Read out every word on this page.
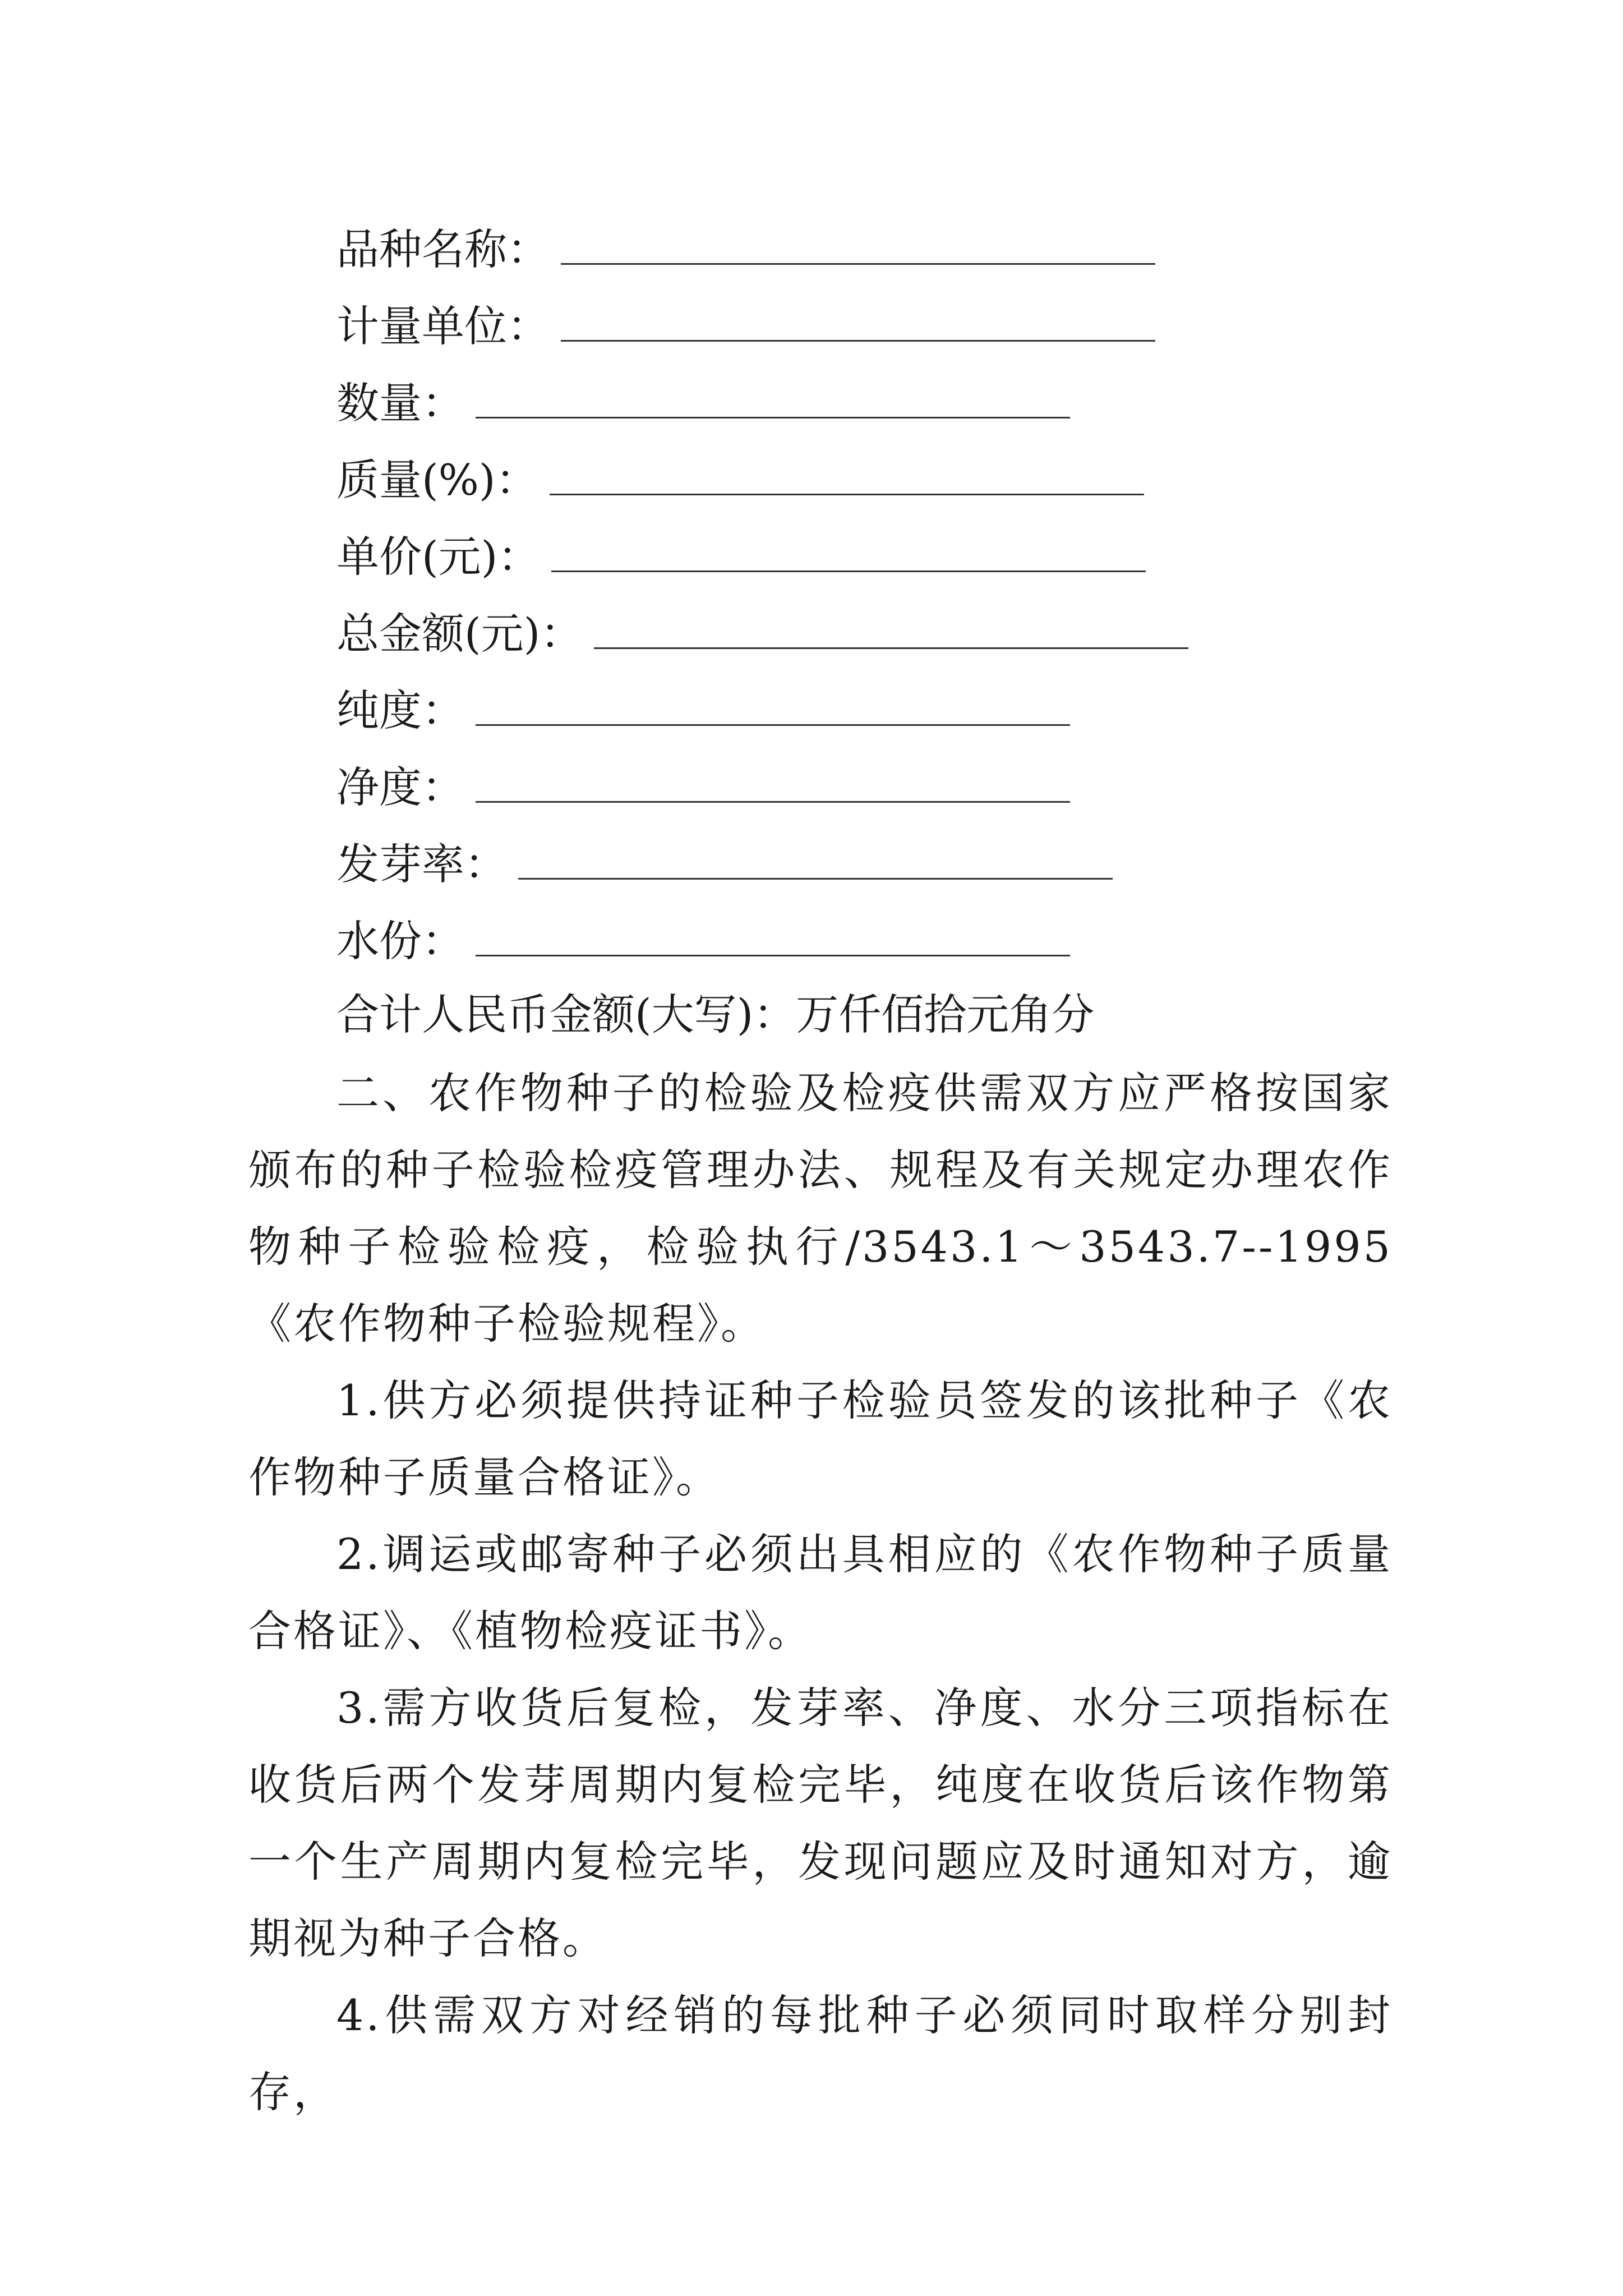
品种名称：
计量单位：
数量：
质量(%)：
单价(元)：
总金额(元)：
纯度：
净度：
发芽率：
水份：
合计人民币金额(大写)：万仟佰拾元角分

二、农作物种子的检验及检疫供需双方应严格按国家颁布的种子检验检疫管理办法、规程及有关规定办理农作物种子检验检疫，检验执行/3543.1～3543.7--1995《农作物种子检验规程》。

1.供方必须提供持证种子检验员签发的该批种子《农作物种子质量合格证》。

2.调运或邮寄种子必须出具相应的《农作物种子质量合格证》、《植物检疫证书》。

3.需方收货后复检，发芽率、净度、水分三项指标在收货后两个发芽周期内复检完毕，纯度在收货后该作物第一个生产周期内复检完毕，发现问题应及时通知对方，逾期视为种子合格。

4.供需双方对经销的每批种子必须同时取样分别封存，
